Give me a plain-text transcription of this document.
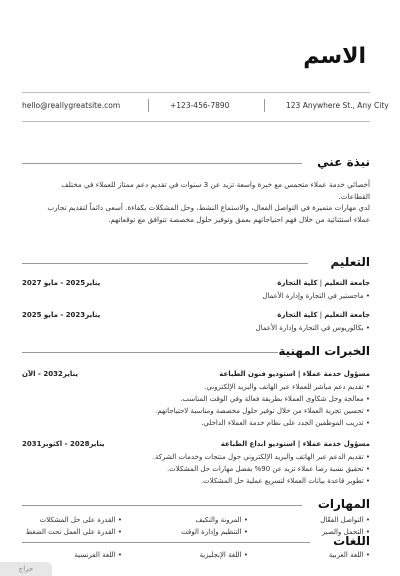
الاسم
hello@reallygreatsite.com	+123-456-7890	123 Anywhere St., Any City
نبذة عني
أخصائي خدمة عملاء متحمس مع خبرة واسعة تزيد عن 3 سنوات في تقديم دعم ممتاز للعملاء في مختلف القطاعات.
لدي مهارات متميزة في التواصل الفعال، والاستماع النشط، وحل المشكلات بكفاءة. أسعى دائماً لتقديم تجارب
عملاء استثنائية من خلال فهم احتياجاتهم بعمق وتوفير حلول مخصصة تتوافق مع توقعاتهم.
التعليم
جامعة التعليم | كلية التجارة
يناير2025 - مايو 2027
• ماجستير في التجارة وإدارة الأعمال
جامعة التعليم | كلية التجارة
يناير2023 - مايو 2025
• بكالوريوس في التجارة وإدارة الأعمال
الخبرات المهنية
مسؤول خدمة عملاء | استوديو فنون الطباعة
يناير2032 - الآن
• تقديم دعم مباشر للعملاء عبر الهاتف والبريد الإلكتروني.
• معالجة وحل شكاوى العملاء بطريقة فعالة وفي الوقت المناسب.
• تحسين تجربة العملاء من خلال توفير حلول مخصصة ومناسبة لاحتياجاتهم.
• تدريب الموظفين الجدد على نظام خدمة العملاء الداخلي.
مسؤول خدمة عملاء | استوديو ابداع الطباعة
يناير2028 - اكتوبر2031
• تقديم الدعم عبر الهاتف والبريد الإلكتروني حول منتجات وخدمات الشركة.
• تحقيق نسبة رضا عملاء تزيد عن 90% بفضل مهارات حل المشكلات.
• تطوير قاعدة بيانات العملاء لتسريع عملية حل المشكلات.
المهارات
• التواصل الفعّال
• المرونة والتكيف
• القدرة على حل المشكلات
• التحمل والصبر
• التنظيم وإدارة الوقت
• القدرة على العمل تحت الضغط
اللغات
• اللغة العربية
• اللغة الإنجليزية
• اللغة الفرنسية
حراج
